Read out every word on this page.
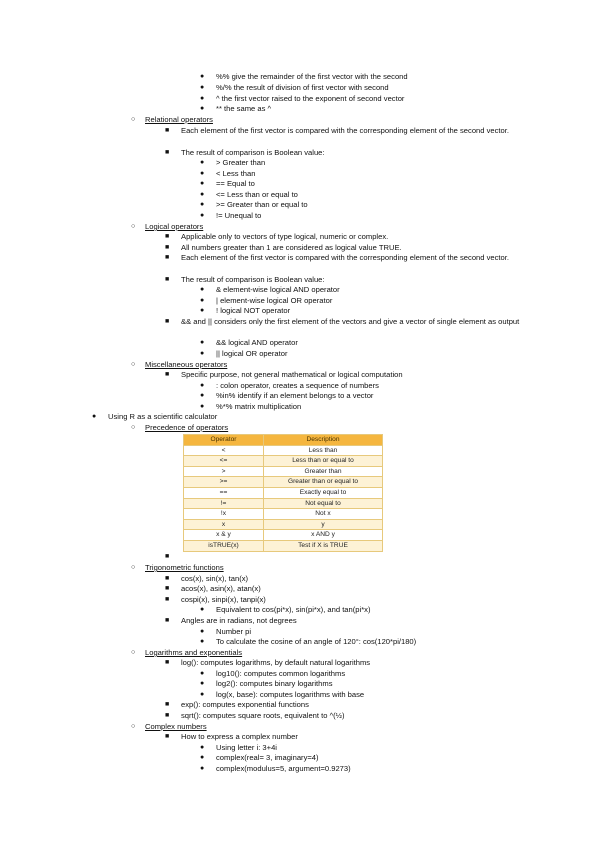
● %% give the remainder of the first vector with the second
● %/% the result of division of first vector with second
● ^ the first vector raised to the exponent of second vector
● ** the same as ^
○ Relational operators
■ Each element of the first vector is compared with the corresponding element of the second vector.
■ The result of comparison is Boolean value:
● > Greater than
● < Less than
● == Equal to
● <= Less than or equal to
● >= Greater than or equal to
● != Unequal to
○ Logical operators
■ Applicable only to vectors of type logical, numeric or complex.
■ All numbers greater than 1 are considered as logical value TRUE.
■ Each element of the first vector is compared with the corresponding element of the second vector.
■ The result of comparison is Boolean value:
● & element-wise logical AND operator
● | element-wise logical OR operator
● ! logical NOT operator
■ && and || considers only the first element of the vectors and give a vector of single element as output
● && logical AND operator
● || logical OR operator
○ Miscellaneous operators
■ Specific purpose, not general mathematical or logical computation
● : colon operator, creates a sequence of numbers
● %in% identify if an element belongs to a vector
● %*% matrix multiplication
● Using R as a scientific calculator
○ Precedence of operators
Operator	Description
<	Less than
<=	Less than or equal to
>	Greater than
>=	Greater than or equal to
==	Exactly equal to
!=	Not equal to
!x	Not x
x	y
x & y	x AND y
isTRUE(x)	Test if X is TRUE
■
○ Trigonometric functions
■ cos(x), sin(x), tan(x)
■ acos(x), asin(x), atan(x)
■ cospi(x), sinpi(x), tanpi(x)
● Equivalent to cos(pi*x), sin(pi*x), and tan(pi*x)
■ Angles are in radians, not degrees
● Number pi
● To calculate the cosine of an angle of 120°: cos(120*pi/180)
○ Logarithms and exponentials
■ log(): computes logarithms, by default natural logarithms
● log10(): computes common logarithms
● log2(): computes binary logarithms
● log(x, base): computes logarithms with base
■ exp(): computes exponential functions
■ sqrt(): computes square roots, equivalent to ^(½)
○ Complex numbers
■ How to express a complex number
● Using letter i: 3+4i
● complex(real= 3, imaginary=4)
● complex(modulus=5, argument=0.9273)
